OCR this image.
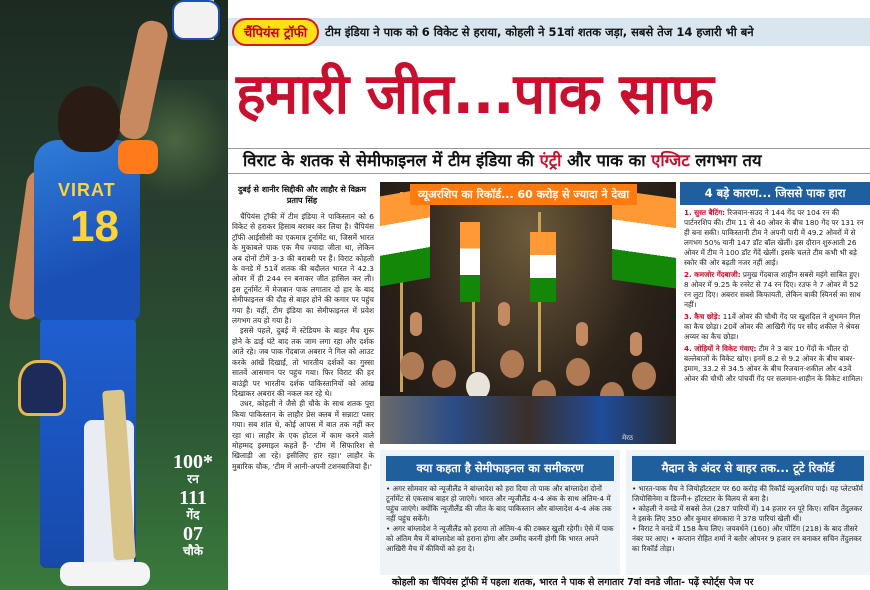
VIRAT
18
100*
रन
111
गेंद
07
चौके
चैंपियंस ट्रॉफी	टीम इंडिया ने पाक को 6 विकेट से हराया, कोहली ने 51वां शतक जड़ा, सबसे तेज 14 हजारी भी बने
हमारी जीत...पाक साफ
विराट के शतक से सेमीफाइनल में टीम इंडिया की एंट्री और पाक का एग्जिट लगभग तय
दुबई से शानीर सिद्दीकी और लाहौर से विक्रम प्रताप सिंह

चैंपियंस ट्रॉफी में टीम इंडिया ने पाकिस्तान को 6 विकेट से हराकर हिसाब बराबर कर लिया है। चैंपियंस ट्रॉफी आईसीसी का एकमात्र टूर्नामेंट था, जिसमें भारत के मुकाबले पाक एक मैच ज्यादा जीता था, लेकिन अब दोनों टीमें 3-3 की बराबरी पर हैं। विराट कोहली के वनडे में 51वें शतक की बदौलत भारत ने 42.3 ओवर में ही 244 रन बनाकर जीत हासिल कर ली। इस टूर्नामेंट में मेजबान पाक लगातार दो हार के बाद सेमीफाइनल की दौड़ से बाहर होने की कगार पर पहुंच गया है। वहीं, टीम इंडिया का सेमीफाइनल में प्रवेश लगभग तय हो गया है।

इससे पहले, दुबई में स्टेडियम के बाहर मैच शुरू होने के ढाई घंटे बाद तक जाम लगा रहा और दर्शक आते रहे। जब पाक गेंदबाज अबरार ने गिल को आउट करके आंखें दिखाईं, तो भारतीय दर्शकों का गुस्सा सातवें आसमान पर पहुंच गया। फिर विराट की हर बाउंड्री पर भारतीय दर्शक पाकिस्तानियों को आंख दिखाकर अबरार की नकल कर रहे थे।

उधर, कोहली ने जैसे ही चौके के साथ शतक पूरा किया पाकिस्तान के लाहौर प्रेस क्लब में सन्नाटा पसर गया। सब शांत थे, कोई आपस में बात तक नहीं कर रहा था। लाहौर के एक होटल में काम करने वाले मोहम्मद इस्माइल कहते हैं- 'टीम में सिफारिश से खिलाड़ी आ रहे। इसीलिए हार रहा।' लाहौर के मुबारिक चौक, 'टीम में आनी-अपनी टशनबाजियां हैं।'

व्यूअरशिप का रिकॉर्ड... 60 करोड़ से ज्यादा ने देखा
मेरठ
4 बड़े कारण... जिससे पाक हारा

1. सुस्त बैटिंग: रिजवान-सउद ने 144 गेंद पर 104 रन की पार्टनरशिप की। टीम 11 से 40 ओवर के बीच 180 गेंद पर 131 रन ही बना सकी। पाकिस्तानी टीम ने अपनी पारी में 49.2 ओवरों में से लगभग 50% यानी 147 डॉट बॉल खेलीं। इस दौरान शुरुआती 26 ओवर में टीम ने 100 डॉट गेंदें खेलीं। इसके चलते टीम कभी भी बड़े स्कोर की ओर बढ़ती नजर नहीं आई।

2. कमजोर गेंदबाजी: प्रमुख गेंदबाज शाहीन सबसे महंगे साबित हुए। 8 ओवर में 9.25 के रनरेट से 74 रन दिए। रउफ ने 7 ओवर में 52 रन लुटा दिए। अबरार सबसे किफायती, लेकिन बाकी स्पिनर्स का साथ नहीं।

3. कैच छोड़े: 11वें ओवर की चौथी गेंद पर खुशदिल ने शुभमन गिल का कैच छोड़ा। 20वें ओवर की आखिरी गेंद पर सौद शकील ने श्रेयस अय्यर का कैच छोड़ा।

4. जोड़ियों ने विकेट गंवाए: टीम ने 3 बार 10 गेंदों के भीतर दो बल्लेबाजों के विकेट खोए। इनमें 8.2 से 9.2 ओवर के बीच बाबर-इमाम, 33.2 से 34.5 ओवर के बीच रिजवान-शकील और 43वें ओवर की चौथी और पांचवीं गेंद पर सलमान-शाहीन के विकेट शामिल।

क्या कहता है सेमीफाइनल का समीकरण

• अगर सोमवार को न्यूजीलैंड ने बांग्लादेश को हरा दिया तो पाक और बांग्लादेश दोनों टूर्नामेंट से एकसाथ बाहर हो जाएंगे। भारत और न्यूजीलैंड 4-4 अंक के साथ अंतिम-4 में पहुंच जाएंगे। क्योंकि न्यूजीलैंड की जीत के बाद पाकिस्तान और बांग्लादेश 4-4 अंक तक नहीं पहुंच सकेंगे।

• अगर बांग्लादेश ने न्यूजीलैंड को हराया तो अंतिम-4 की टक्कर खुली रहेगी। ऐसे में पाक को अंतिम मैच में बांग्लादेश को हराना होगा और उम्मीद करनी होगी कि भारत अपने आखिरी मैच में कीवियों को हरा दे।

मैदान के अंदर से बाहर तक... टूटे रिकॉर्ड

• भारत-पाक मैच ने जियोहॉटस्टार पर 60 करोड़ की रिकॉर्ड व्यूअरशिप पाई। यह प्लेटफॉर्म जियोसिनेमा व डिज्नी+ हॉटस्टार के विलय से बना है।

• कोहली ने वनडे में सबसे तेज (287 पारियों में) 14 हजार रन पूरे किए। सचिन तेंदुलकर ने इसके लिए 350 और कुमार संगकारा ने 378 पारियां खेली थीं।

• विराट ने वनडे में 158 कैच लिए। जयवर्धने (160) और पोंटिंग (218) के बाद तीसरे नंबर पर आए। • कप्तान रोहित शर्मा ने बतौर ओपनर 9 हजार रन बनाकर सचिन तेंदुलकर का रिकॉर्ड तोड़ा।

कोहली का चैंपियंस ट्रॉफी में पहला शतक, भारत ने पाक से लगातार 7वां वनडे जीता- पढ़ें स्पोर्ट्स पेज पर
